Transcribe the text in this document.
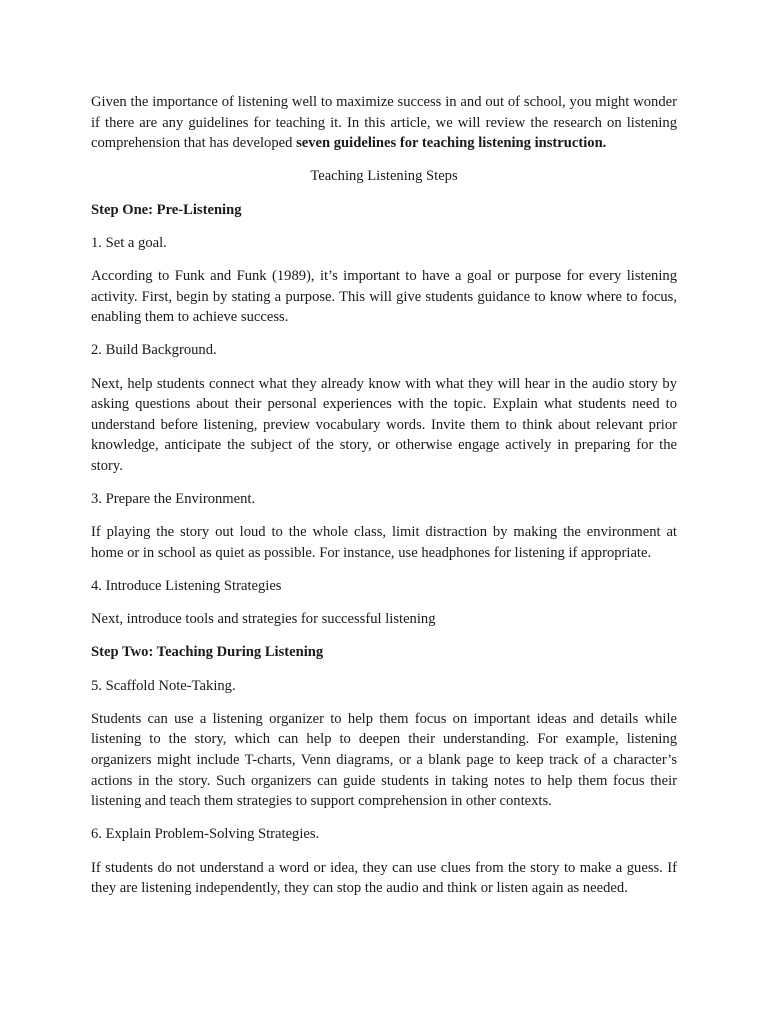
Given the importance of listening well to maximize success in and out of school, you might wonder if there are any guidelines for teaching it. In this article, we will review the research on listening comprehension that has developed seven guidelines for teaching listening instruction.

Teaching Listening Steps

Step One: Pre-Listening

1. Set a goal.

According to Funk and Funk (1989), it’s important to have a goal or purpose for every listening activity. First, begin by stating a purpose. This will give students guidance to know where to focus, enabling them to achieve success.

2. Build Background.

Next, help students connect what they already know with what they will hear in the audio story by asking questions about their personal experiences with the topic. Explain what students need to understand before listening, preview vocabulary words. Invite them to think about relevant prior knowledge, anticipate the subject of the story, or otherwise engage actively in preparing for the story.

3. Prepare the Environment.

If playing the story out loud to the whole class, limit distraction by making the environment at home or in school as quiet as possible. For instance, use headphones for listening if appropriate.

4. Introduce Listening Strategies

Next, introduce tools and strategies for successful listening

Step Two: Teaching During Listening

5. Scaffold Note-Taking.

Students can use a listening organizer to help them focus on important ideas and details while listening to the story, which can help to deepen their understanding. For example, listening organizers might include T-charts, Venn diagrams, or a blank page to keep track of a character’s actions in the story. Such organizers can guide students in taking notes to help them focus their listening and teach them strategies to support comprehension in other contexts.

6. Explain Problem-Solving Strategies.

If students do not understand a word or idea, they can use clues from the story to make a guess. If they are listening independently, they can stop the audio and think or listen again as needed.
